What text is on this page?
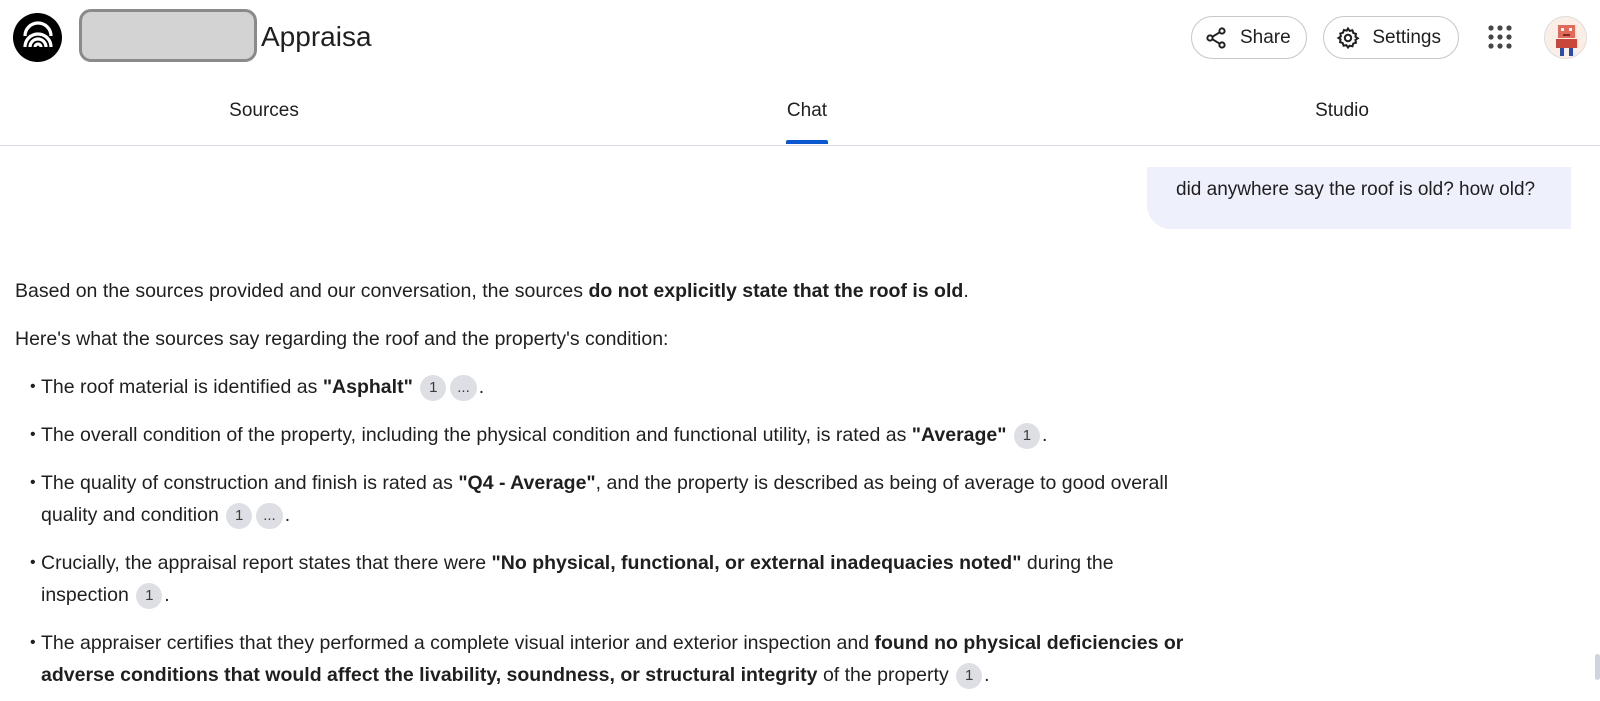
Appraisa	Share	Settings
Sources	Chat	Studio
did anywhere say the roof is old? how old?

Based on the sources provided and our conversation, the sources do not explicitly state that the roof is old.

Here's what the sources say regarding the roof and the property's condition:

• The roof material is identified as "Asphalt" 1 ... .
• The overall condition of the property, including the physical condition and functional utility, is rated as "Average" 1 .
• The quality of construction and finish is rated as "Q4 - Average", and the property is described as being of average to good overall quality and condition 1 ... .
• Crucially, the appraisal report states that there were "No physical, functional, or external inadequacies noted" during the inspection 1 .
• The appraiser certifies that they performed a complete visual interior and exterior inspection and found no physical deficiencies or adverse conditions that would affect the livability, soundness, or structural integrity of the property 1 .
